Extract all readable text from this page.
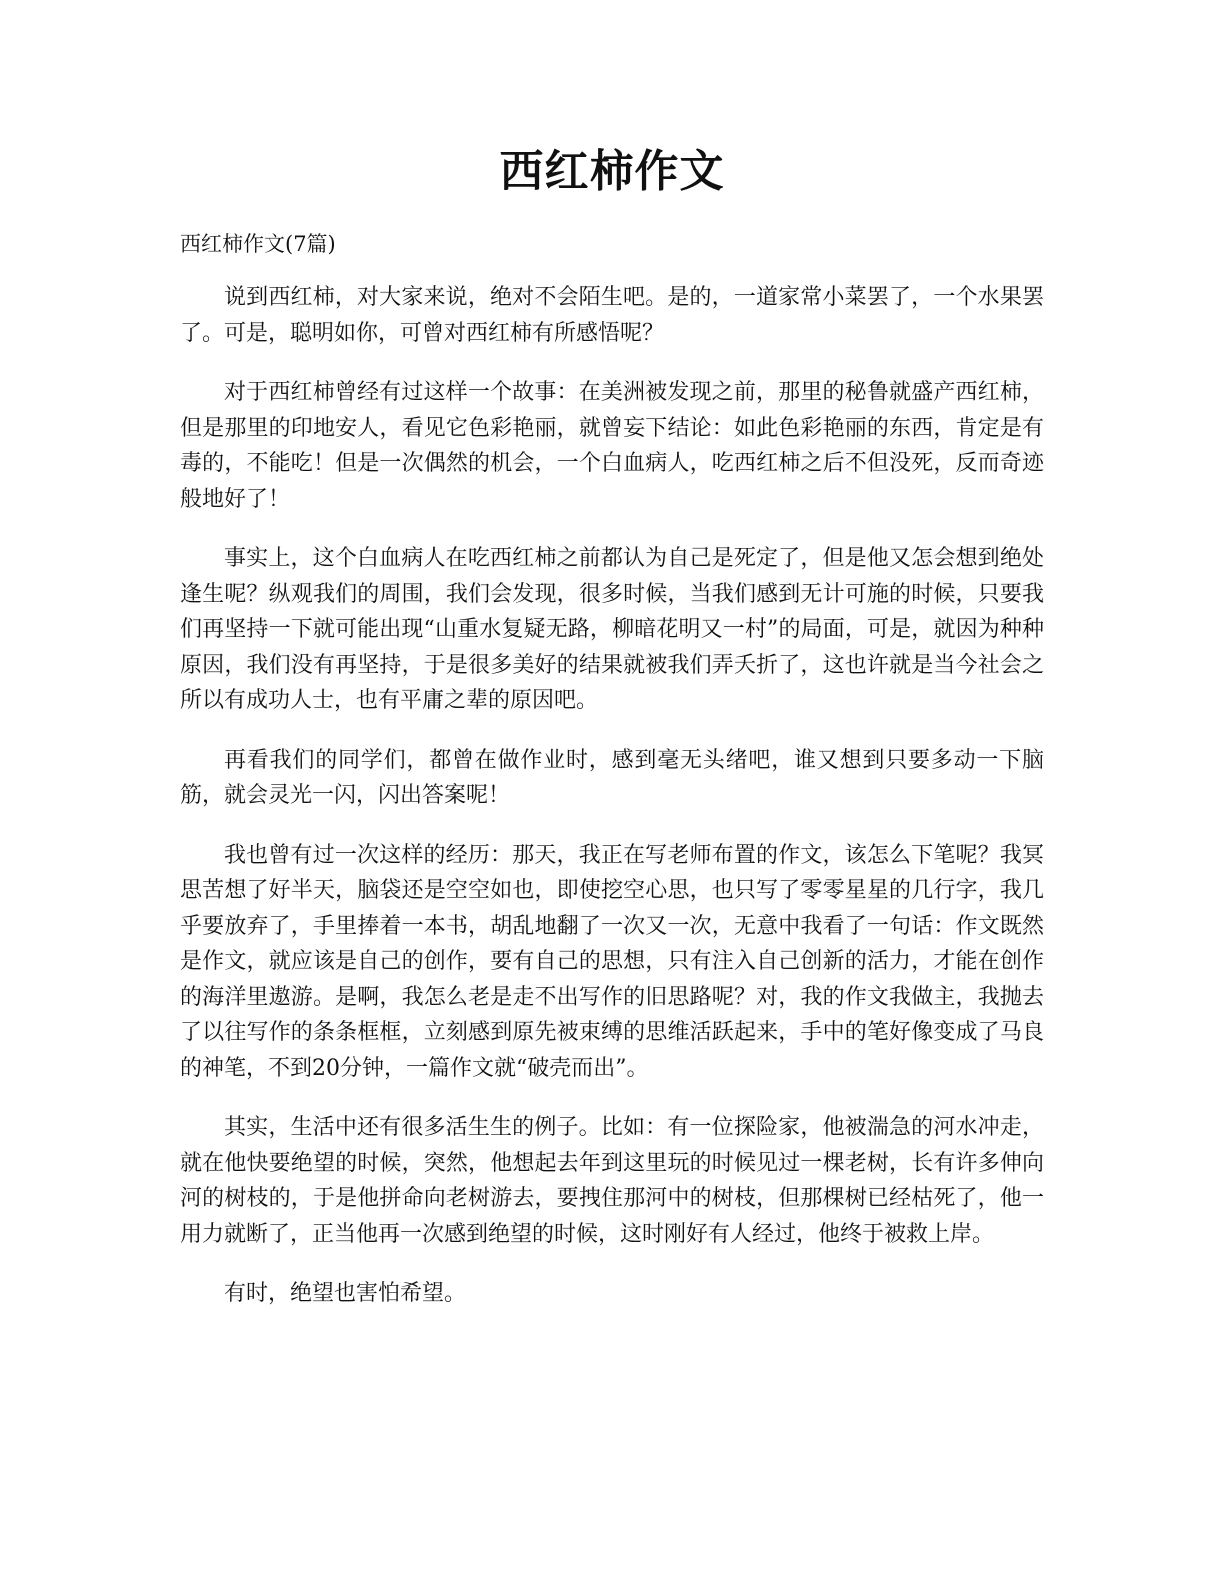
西红柿作文

西红柿作文(7篇)

说到西红柿，对大家来说，绝对不会陌生吧。是的，一道家常小菜罢了，一个水果罢了。可是，聪明如你，可曾对西红柿有所感悟呢？

对于西红柿曾经有过这样一个故事：在美洲被发现之前，那里的秘鲁就盛产西红柿，但是那里的印地安人，看见它色彩艳丽，就曾妄下结论：如此色彩艳丽的东西，肯定是有毒的，不能吃！但是一次偶然的机会，一个白血病人，吃西红柿之后不但没死，反而奇迹般地好了！

事实上，这个白血病人在吃西红柿之前都认为自己是死定了，但是他又怎会想到绝处逢生呢？纵观我们的周围，我们会发现，很多时候，当我们感到无计可施的时候，只要我们再坚持一下就可能出现“山重水复疑无路，柳暗花明又一村”的局面，可是，就因为种种原因，我们没有再坚持，于是很多美好的结果就被我们弄夭折了，这也许就是当今社会之所以有成功人士，也有平庸之辈的原因吧。

再看我们的同学们，都曾在做作业时，感到毫无头绪吧，谁又想到只要多动一下脑筋，就会灵光一闪，闪出答案呢！

我也曾有过一次这样的经历：那天，我正在写老师布置的作文，该怎么下笔呢？我冥思苦想了好半天，脑袋还是空空如也，即使挖空心思，也只写了零零星星的几行字，我几乎要放弃了，手里捧着一本书，胡乱地翻了一次又一次，无意中我看了一句话：作文既然是作文，就应该是自己的创作，要有自己的思想，只有注入自己创新的活力，才能在创作的海洋里遨游。是啊，我怎么老是走不出写作的旧思路呢？对，我的作文我做主，我抛去了以往写作的条条框框，立刻感到原先被束缚的思维活跃起来，手中的笔好像变成了马良的神笔，不到20分钟，一篇作文就“破壳而出”。

其实，生活中还有很多活生生的例子。比如：有一位探险家，他被湍急的河水冲走，就在他快要绝望的时候，突然，他想起去年到这里玩的时候见过一棵老树，长有许多伸向河的树枝的，于是他拼命向老树游去，要拽住那河中的树枝，但那棵树已经枯死了，他一用力就断了，正当他再一次感到绝望的时候，这时刚好有人经过，他终于被救上岸。

有时，绝望也害怕希望。
